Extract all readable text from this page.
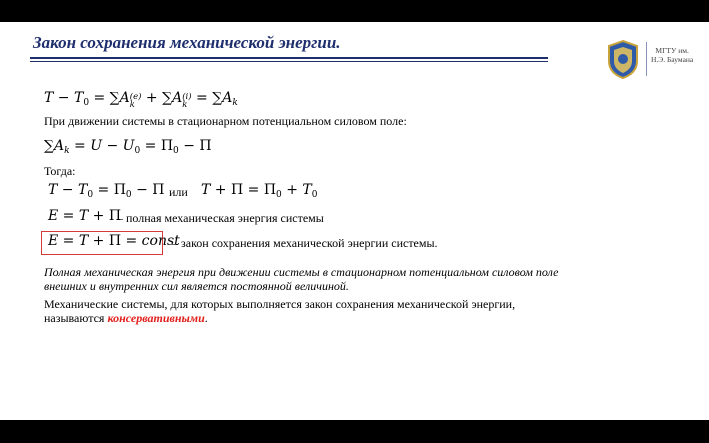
Закон сохранения механической энергии.	МГТУ им.
Н.Э. Баумана
$T - T_0 = \sum A(e)$
k + ∑A(i)
$k = \sum A_k$
При движении системы в стационарном потенциальном силовом поле:
$\sum A_k = U - U_0 = \Pi_0 - \Pi$
Тогда:
$T - T_0 = \Pi_0 - \Pi$ или $T + \Pi = \Pi_0 + T_0$
E = T + Π
– полная механическая энергия системы
E = T + Π = const
– закон сохранения механической энергии системы.
Полная механическая энергия при движении системы в стационарном потенциальном силовом поле
внешних и внутренних сил является постоянной величиной.
Механические системы, для которых выполняется закон сохранения механической энергии,
называются консервативными.
